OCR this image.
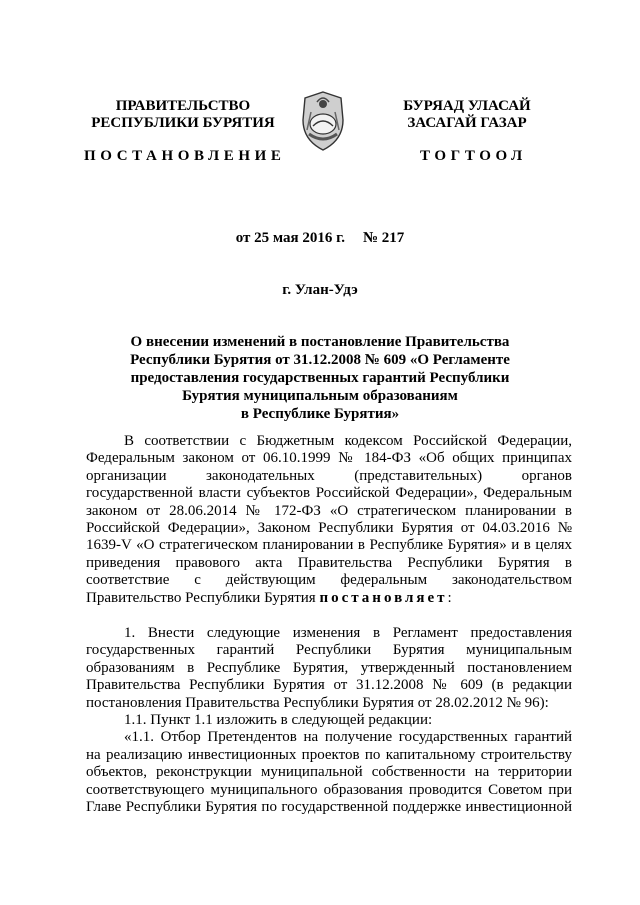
ПРАВИТЕЛЬСТВО
РЕСПУБЛИКИ БУРЯТИЯ
БУРЯАД УЛАСАЙ
ЗАСАГАЙ ГАЗАР
ПОСТАНОВЛЕНИЕ	ТОГТООЛ
от 25 мая 2016 г. № 217
г. Улан-Удэ
О внесении изменений в постановление Правительства
Республики Бурятия от 31.12.2008 № 609 «О Регламенте
предоставления государственных гарантий Республики
Бурятия муниципальным образованиям
в Республике Бурятия»
В соответствии с Бюджетным кодексом Российской Федерации,
Федеральным законом от 06.10.1999 № 184-ФЗ «Об общих принципах
организации законодательных (представительных) органов
государственной власти субъектов Российской Федерации», Федеральным
законом от 28.06.2014 № 172-ФЗ «О стратегическом планировании в
Российской Федерации», Законом Республики Бурятия от 04.03.2016 №
1639-V «О стратегическом планировании в Республике Бурятия» и в целях
приведения правового акта Правительства Республики Бурятия в
соответствие с действующим федеральным законодательством
Правительство Республики Бурятия постановляет:
1. Внести следующие изменения в Регламент предоставления
государственных гарантий Республики Бурятия муниципальным
образованиям в Республике Бурятия, утвержденный постановлением
Правительства Республики Бурятия от 31.12.2008 № 609 (в редакции
постановления Правительства Республики Бурятия от 28.02.2012 № 96):
1.1. Пункт 1.1 изложить в следующей редакции:
«1.1. Отбор Претендентов на получение государственных гарантий
на реализацию инвестиционных проектов по капитальному строительству
объектов, реконструкции муниципальной собственности на территории
соответствующего муниципального образования проводится Советом при
Главе Республики Бурятия по государственной поддержке инвестиционной
